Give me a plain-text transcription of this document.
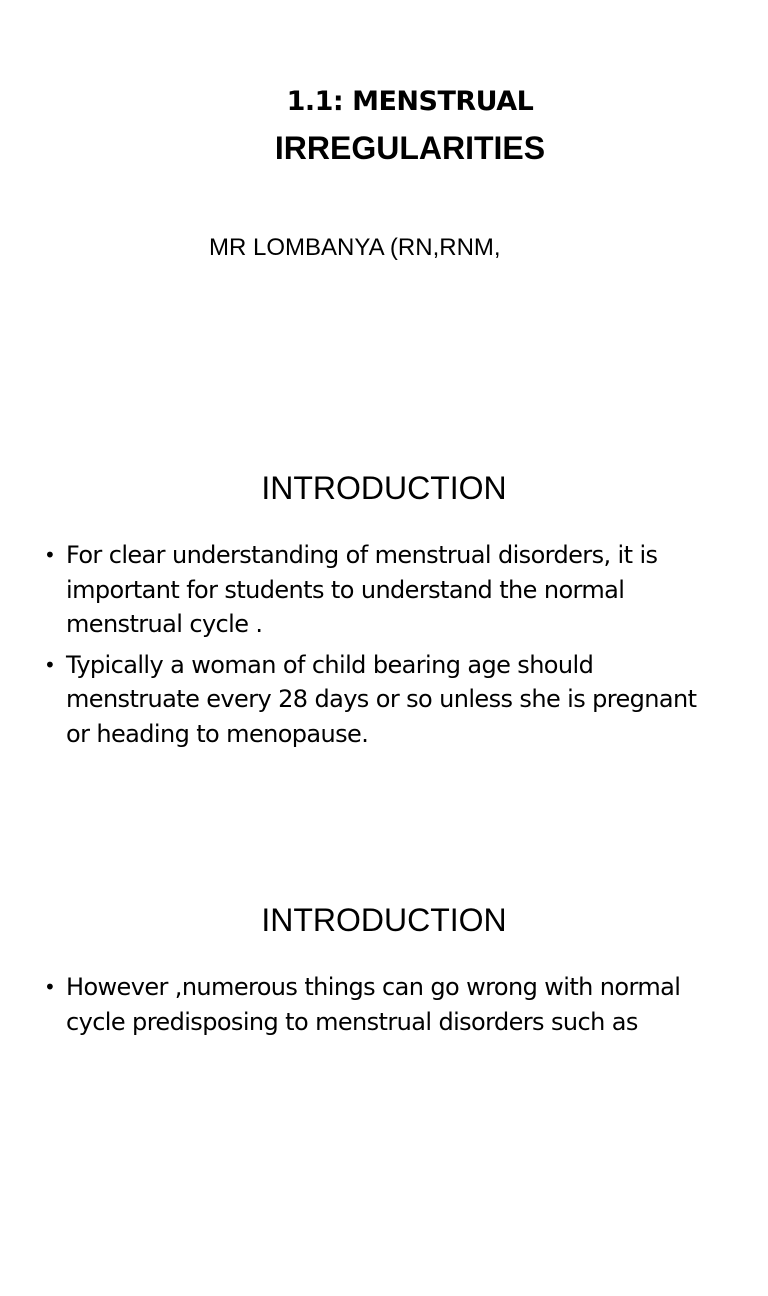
1.1: MENSTRUAL
IRREGULARITIES
MR LOMBANYA (RN,RNM,
INTRODUCTION
• For clear understanding of menstrual disorders, it is important for students to understand the normal menstrual cycle .
• Typically a woman of child bearing age should menstruate every 28 days or so unless she is pregnant or heading to menopause.
INTRODUCTION
• However ,numerous things can go wrong with normal cycle predisposing to menstrual disorders such as
